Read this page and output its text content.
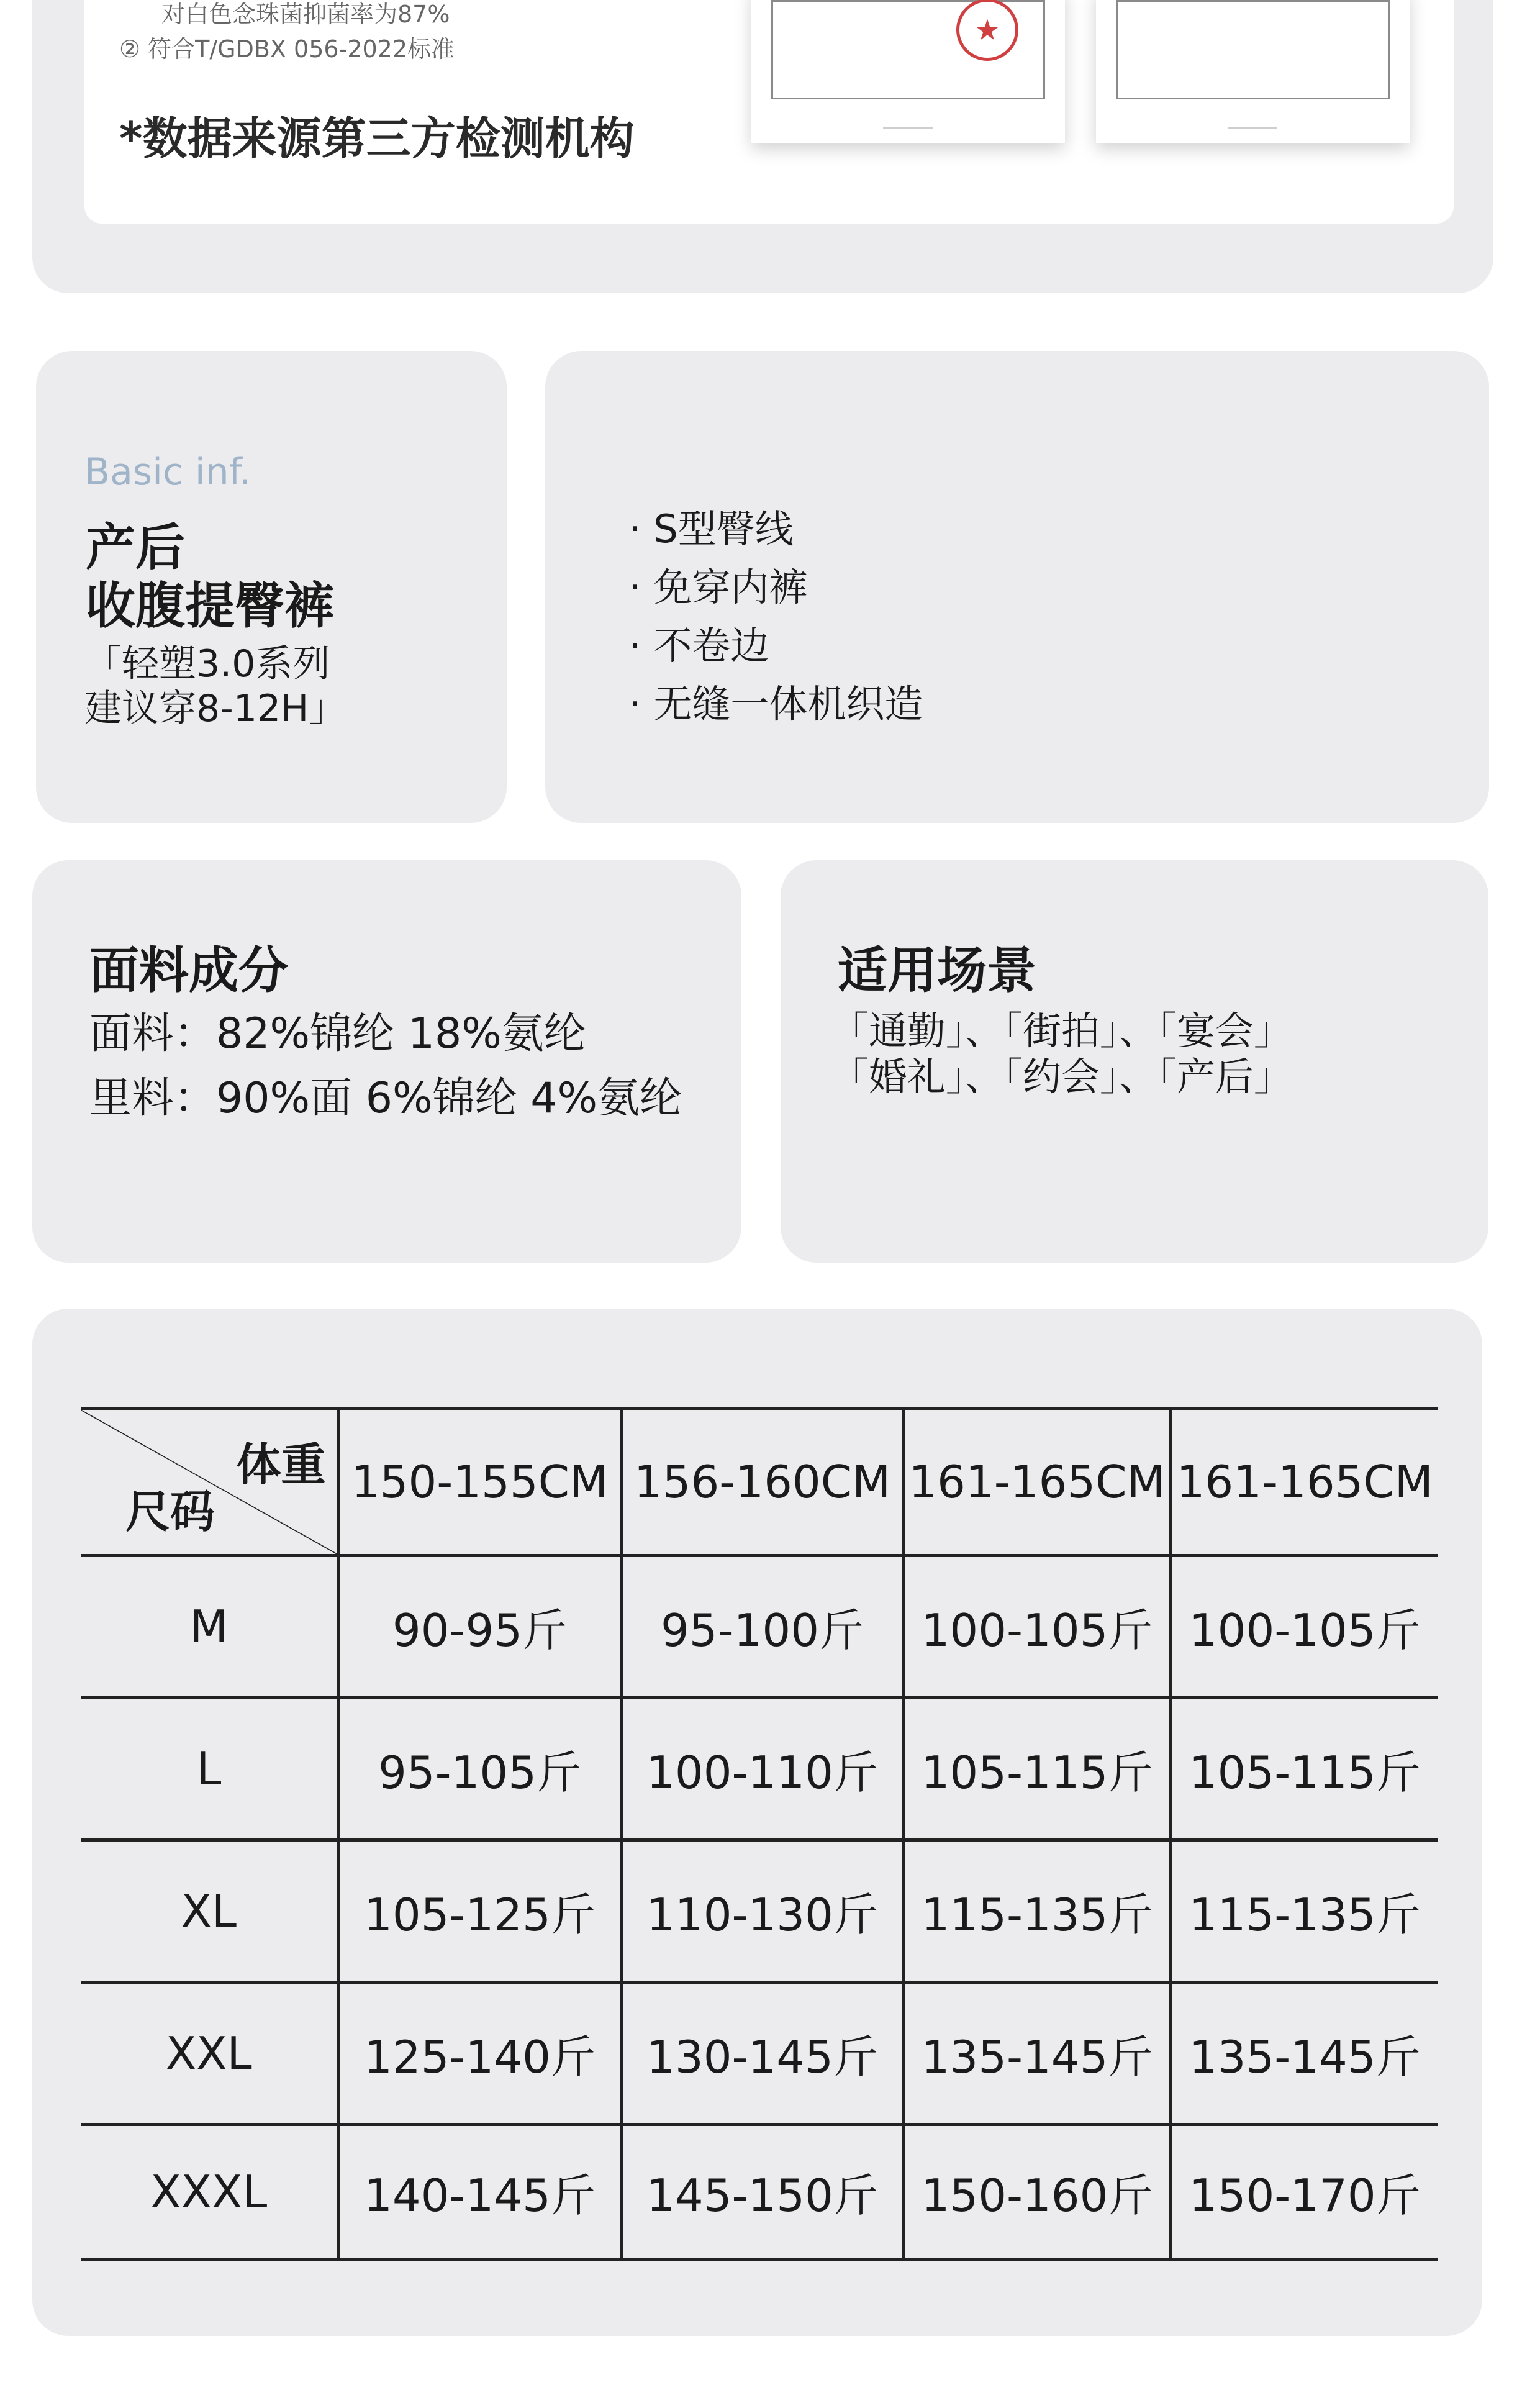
对白色念珠菌抑菌率为87%
② 符合T/GDBX 056-2022标准
*数据来源第三方检测机构
★
Basic inf.
产后
收腹提臀裤
「轻塑3.0系列
建议穿8-12H」
· S型臀线
· 免穿内裤
· 不卷边
· 无缝一体机织造
面料成分
面料：82%锦纶 18%氨纶
里料：90%面 6%锦纶 4%氨纶
适用场景
「通勤」、「街拍」、「宴会」
「婚礼」、「约会」、「产后」
体重
尺码	150-155CM	156-160CM	161-165CM	161-165CM
M	90-95斤	95-100斤	100-105斤	100-105斤
L	95-105斤	100-110斤	105-115斤	105-115斤
XL	105-125斤	110-130斤	115-135斤	115-135斤
XXL	125-140斤	130-145斤	135-145斤	135-145斤
XXXL	140-145斤	145-150斤	150-160斤	150-170斤
